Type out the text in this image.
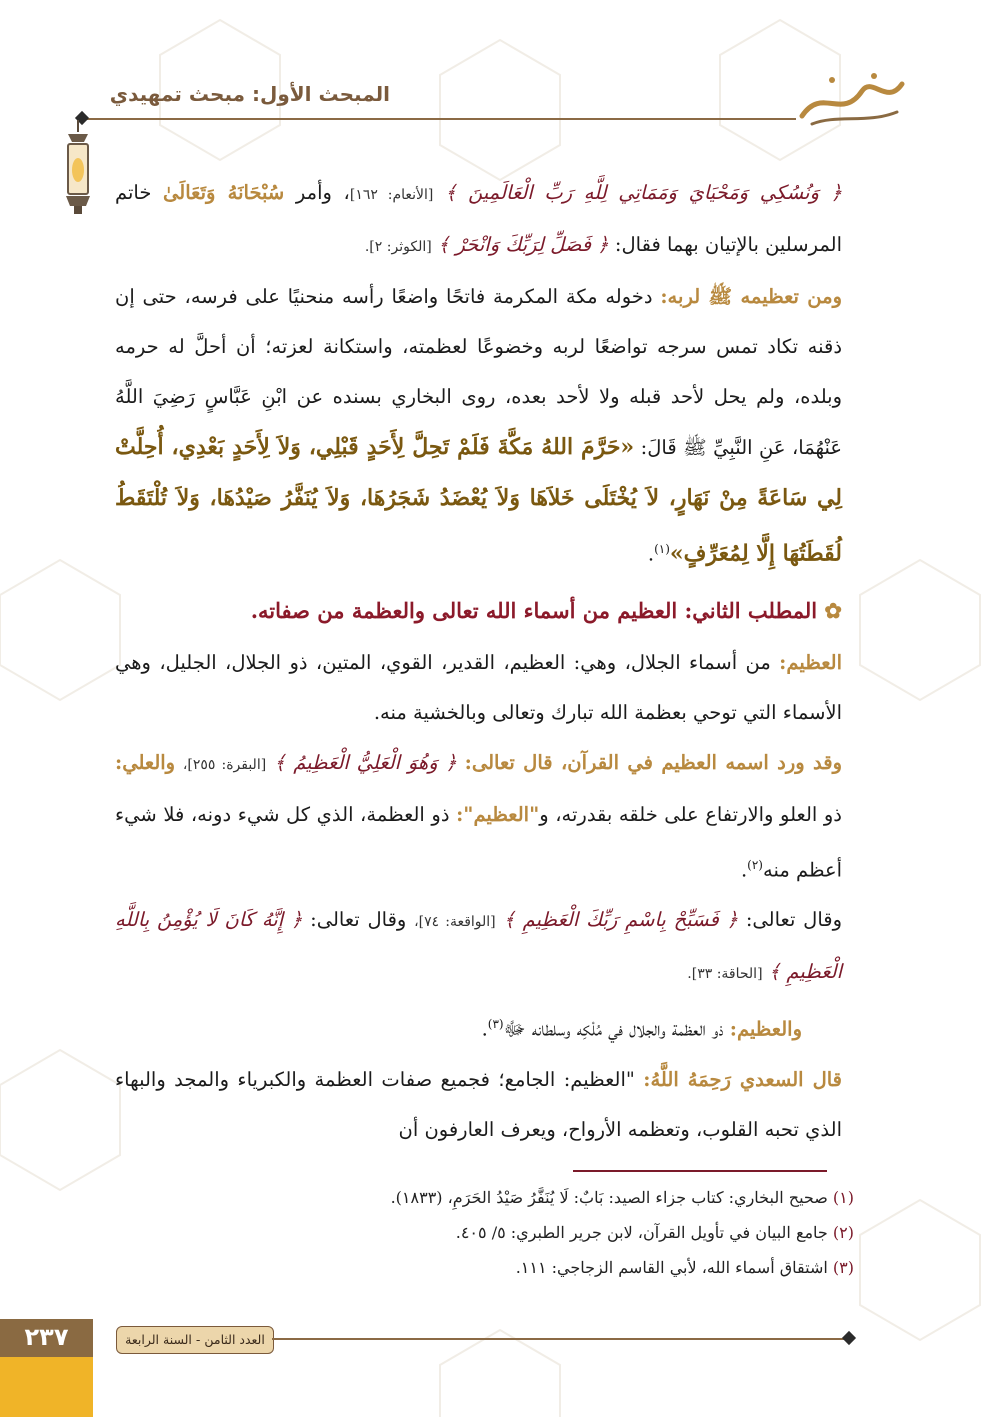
المبحث الأول: مبحث تمهيدي

﴿ وَنُسُكِي وَمَحْيَايَ وَمَمَاتِي لِلَّهِ رَبِّ الْعَالَمِينَ ﴾ [الأنعام: ١٦٢]، وأمر سُبْحَانَهُ وَتَعَالَىٰ خاتم المرسلين بالإتيان بهما فقال: ﴿ فَصَلِّ لِرَبِّكَ وَانْحَرْ ﴾ [الكوثر: ٢].

ومن تعظيمه ﷺ لربه: دخوله مكة المكرمة فاتحًا واضعًا رأسه منحنيًا على فرسه، حتى إن ذقنه تكاد تمس سرجه تواضعًا لربه وخضوعًا لعظمته، واستكانة لعزته؛ أن أحلَّ له حرمه وبلده، ولم يحل لأحد قبله ولا لأحد بعده، روى البخاري بسنده عن ابْنِ عَبَّاسٍ رَضِيَ اللَّهُ عَنْهُمَا، عَنِ النَّبِيِّ ﷺ قَالَ: «حَرَّمَ اللهُ مَكَّةَ فَلَمْ تَحِلَّ لِأَحَدٍ قَبْلِي، وَلاَ لِأَحَدٍ بَعْدِي، أُحِلَّتْ لِي سَاعَةً مِنْ نَهَارٍ، لاَ يُخْتَلَى خَلاَهَا وَلاَ يُعْضَدُ شَجَرُهَا، وَلاَ يُنَفَّرُ صَيْدُهَا، وَلاَ تُلْتَقَطُ لُقَطَتُهَا إِلَّا لِمُعَرِّفٍ»$^{(١)}$.

✿ المطلب الثاني: العظيم من أسماء الله تعالى والعظمة من صفاته.

العظيم: من أسماء الجلال، وهي: العظيم، القدير، القوي، المتين، ذو الجلال، الجليل، وهي الأسماء التي توحي بعظمة الله تبارك وتعالى وبالخشية منه.

وقد ورد اسمه العظيم في القرآن، قال تعالى: ﴿ وَهُوَ الْعَلِيُّ الْعَظِيمُ ﴾ [البقرة: ٢٥٥]، والعلي: ذو العلو والارتفاع على خلقه بقدرته، و"العظيم": ذو العظمة، الذي كل شيء دونه، فلا شيء أعظم منه$^{(٢)}$.

وقال تعالى: ﴿ فَسَبِّحْ بِاسْمِ رَبِّكَ الْعَظِيمِ ﴾ [الواقعة: ٧٤]، وقال تعالى: ﴿ إِنَّهُ كَانَ لَا يُؤْمِنُ بِاللَّهِ الْعَظِيمِ ﴾ [الحاقة: ٣٣].

والعظيم: ذو العظمة والجلال في مُلْكِه وسلطانه ﷻ$^{(٣)}$.

قال السعدي رَحِمَهُ اللَّهُ: "العظيم: الجامع؛ فجميع صفات العظمة والكبرياء والمجد والبهاء الذي تحبه القلوب، وتعظمه الأرواح، ويعرف العارفون أن

(١) صحيح البخاري: كتاب جزاء الصيد: بَابٌ: لَا يُنَفَّرُ صَيْدُ الحَرَمِ، (١٨٣٣).

(٢) جامع البيان في تأويل القرآن، لابن جرير الطبري: ٥/ ٤٠٥.

(٣) اشتقاق أسماء الله، لأبي القاسم الزجاجي: ١١١.

٢٣٧	العدد الثامن - السنة الرابعة
